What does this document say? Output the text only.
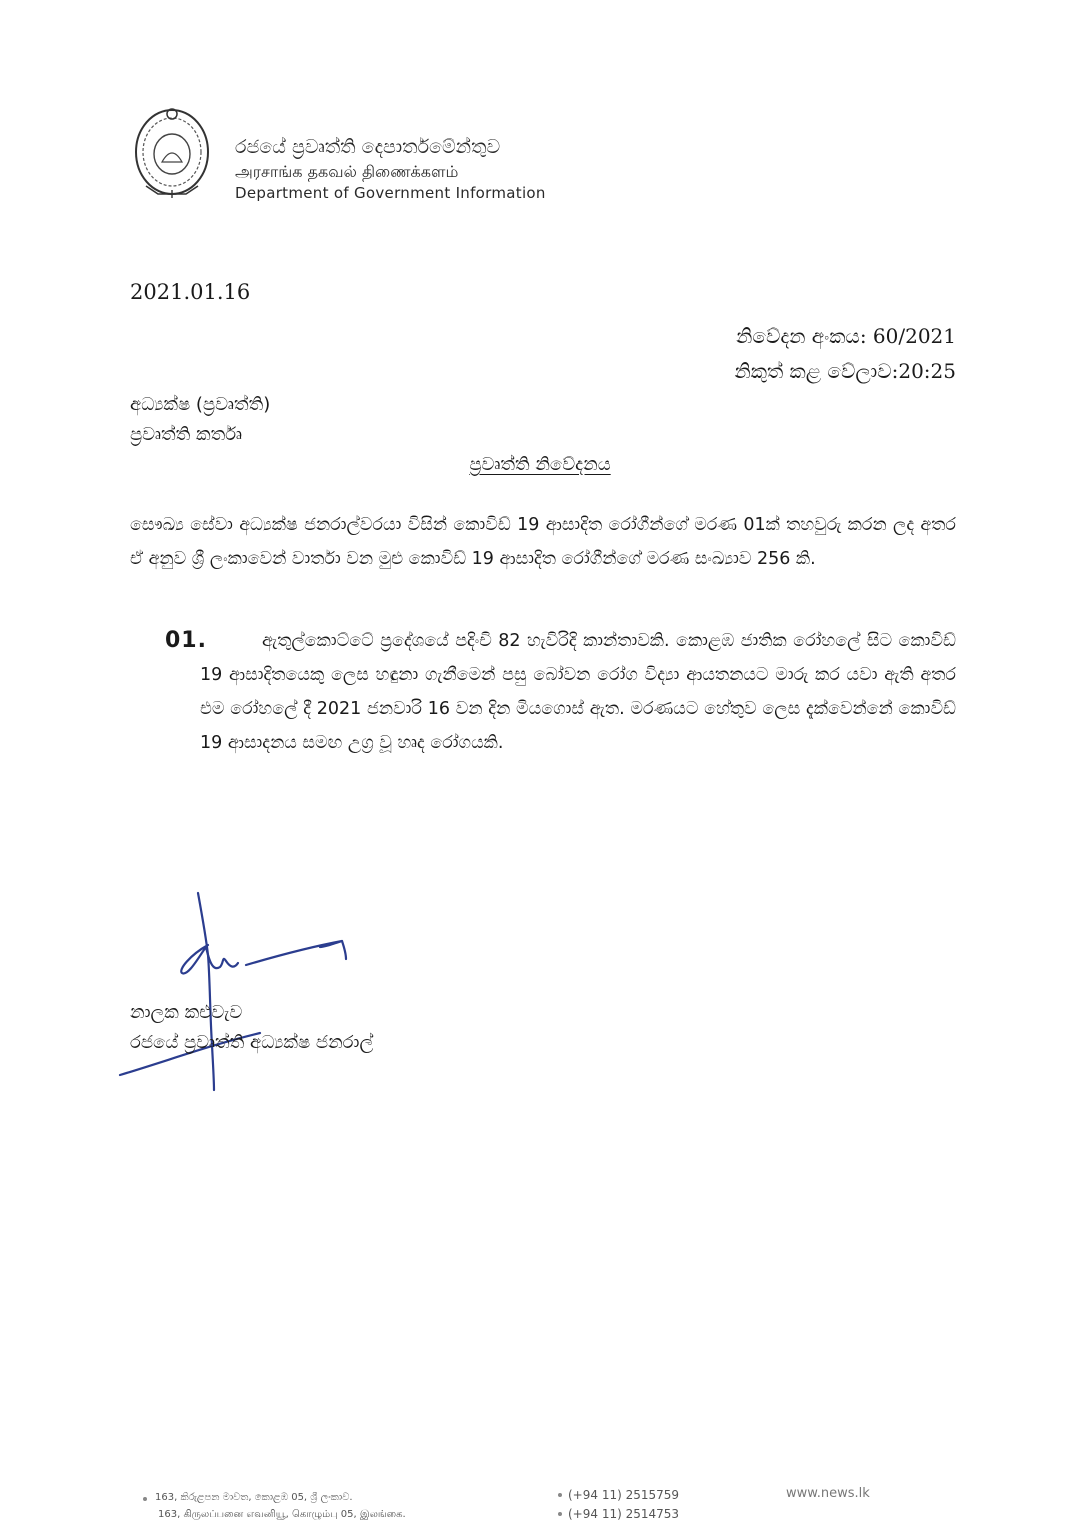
රජයේ ප්‍රවෘත්ති දෙපාර්තමේන්තුව
அரசாங்க தகவல் திணைக்களம்
Department of Government Information
2021.01.16
නිවේදන අංකය: 60/2021
නිකුත් කළ වේලාව:20:25
අධ්‍යක්ෂ (ප්‍රවෘත්ති)
ප්‍රවෘත්ති කර්තෘ
ප්‍රවෘත්ති නිවේදනය
සෞඛ්‍ය සේවා අධ්‍යක්ෂ ජනරාල්වරයා විසින් කොවිඩ් 19 ආසාදිත රෝගීන්ගේ මරණ 01ක් තහවුරු කරන ලද අතර ඒ අනුව ශ්‍රී ලංකාවෙන් වාර්තා වන මුළු කොවිඩ් 19 ආසාදිත රෝගීන්ගේ මරණ සංඛ්‍යාව 256 කි.
01.	ඇතුල්කොට්ටේ ප්‍රදේශයේ පදිංචි 82 හැවිරිදි කාන්තාවකි. කොළඹ ජාතික රෝහලේ සිට කොවිඩ් 19 ආසාදිතයෙකු ලෙස හඳුනා ගැනීමෙන් පසු බෝවන රෝග විද්‍යා ආයතනයට මාරු කර යවා ඇති අතර එම රෝහලේ දී 2021 ජනවාරි 16 වන දින මියගොස් ඇත. මරණයට හේතුව ලෙස දැක්වෙන්නේ කොවිඩ් 19 ආසාදනය සමඟ උග්‍ර වූ හෘද රෝගයකි.
නාලක කළුවැව
රජයේ ප්‍රවෘත්ති අධ්‍යක්ෂ ජනරාල්
163, කිරුළපන මාවත, කොළඹ 05, ශ්‍රී ලංකාව.
163, கிருலப்பனை எவனியூ, கொழும்பு 05, இலங்கை.
(+94 11) 2515759
(+94 11) 2514753
www.news.lk
